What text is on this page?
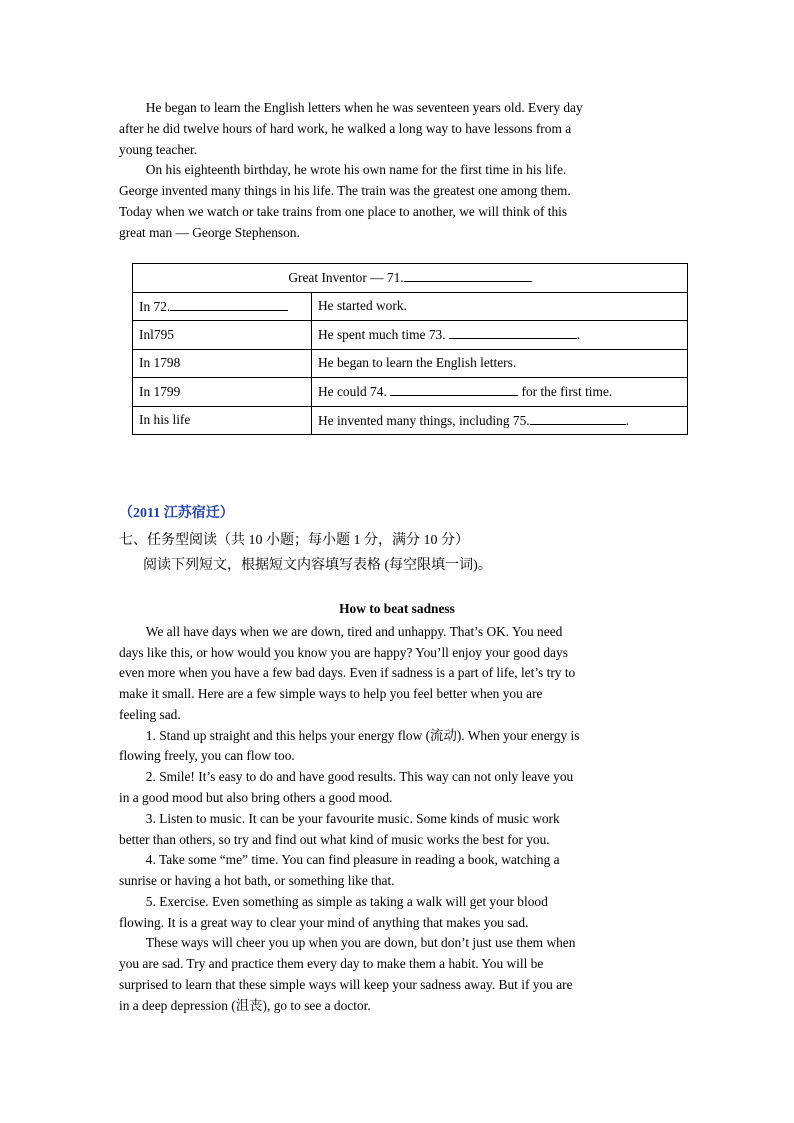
He began to learn the English letters when he was seventeen years old. Every day

after he did twelve hours of hard work, he walked a long way to have lessons from a

young teacher.

On his eighteenth birthday, he wrote his own name for the first time in his life.

George invented many things in his life. The train was the greatest one among them.

Today when we watch or take trains from one place to another, we will think of this

great man — George Stephenson.

Great Inventor — 71.	
In 72.	He started work.
Inl795	He spent much time 73. .
In 1798	He began to learn the English letters.
In 1799	He could 74. for the first time.
In his life	He invented many things, including 75. .
（2011 江苏宿迁）
七、任务型阅读（共 10 小题；每小题 1 分，满分 10 分）
阅读下列短文，根据短文内容填写表格 (每空限填一词)。
How to beat sadness

We all have days when we are down, tired and unhappy. That’s OK. You need

days like this, or how would you know you are happy? You’ll enjoy your good days

even more when you have a few bad days. Even if sadness is a part of life, let’s try to

make it small. Here are a few simple ways to help you feel better when you are

feeling sad.

1. Stand up straight and this helps your energy flow (流动). When your energy is

flowing freely, you can flow too.

2. Smile! It’s easy to do and have good results. This way can not only leave you

in a good mood but also bring others a good mood.

3. Listen to music. It can be your favourite music. Some kinds of music work

better than others, so try and find out what kind of music works the best for you.

4. Take some “me” time. You can find pleasure in reading a book, watching a

sunrise or having a hot bath, or something like that.

5. Exercise. Even something as simple as taking a walk will get your blood

flowing. It is a great way to clear your mind of anything that makes you sad.

These ways will cheer you up when you are down, but don’t just use them when

you are sad. Try and practice them every day to make them a habit. You will be

surprised to learn that these simple ways will keep your sadness away. But if you are

in a deep depression (沮丧), go to see a doctor.
